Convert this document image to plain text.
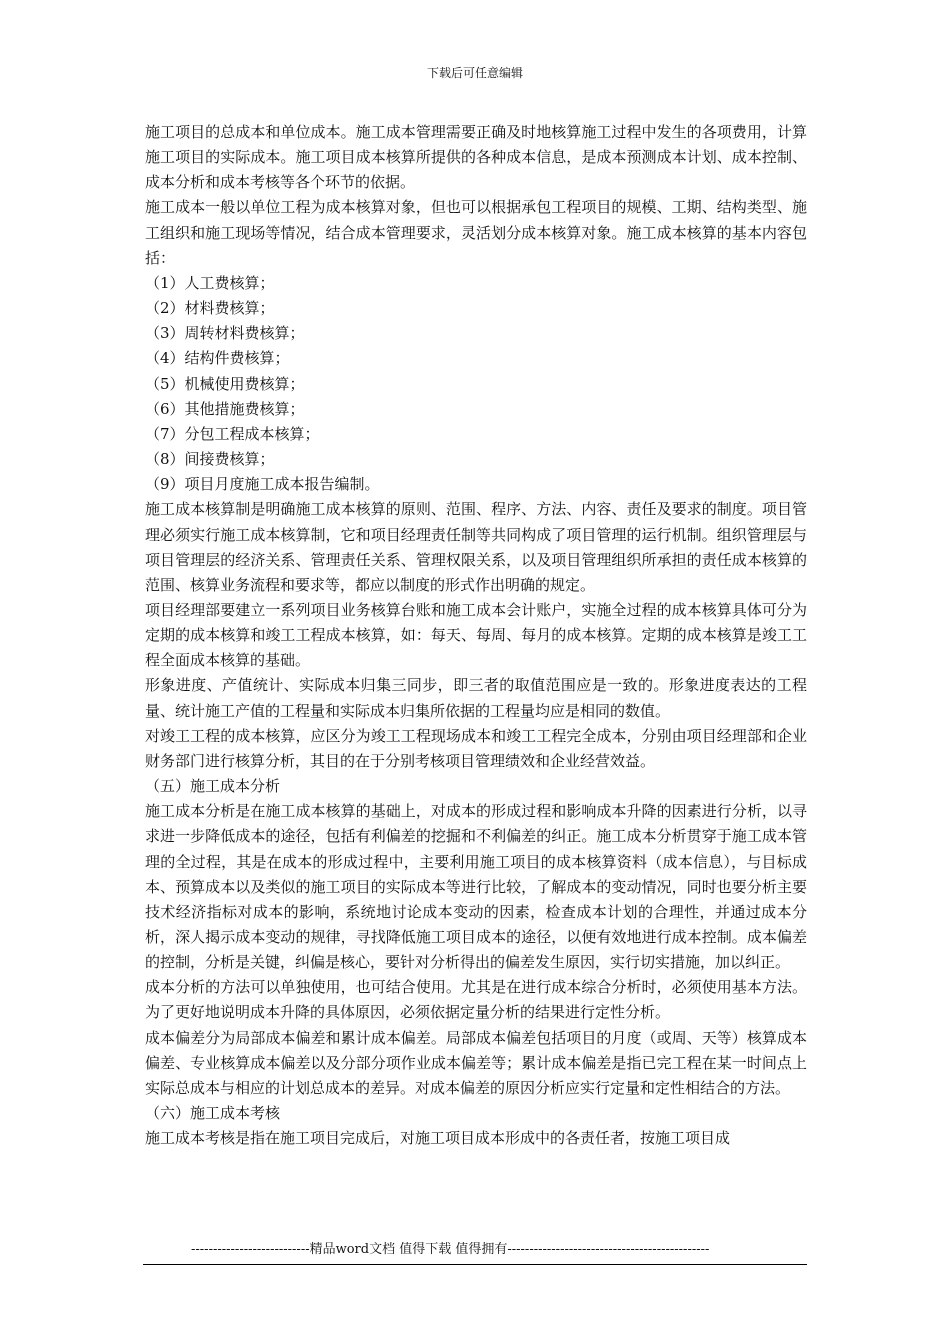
下载后可任意编辑

施工项目的总成本和单位成本。施工成本管理需要正确及时地核算施工过程中发生的各项费用，计算施工项目的实际成本。施工项目成本核算所提供的各种成本信息，是成本预测成本计划、成本控制、成本分析和成本考核等各个环节的依据。

施工成本一般以单位工程为成本核算对象，但也可以根据承包工程项目的规模、工期、结构类型、施工组织和施工现场等情况，结合成本管理要求，灵活划分成本核算对象。施工成本核算的基本内容包括：

（1）人工费核算；

（2）材料费核算；

（3）周转材料费核算；

（4）结构件费核算；

（5）机械使用费核算；

（6）其他措施费核算；

（7）分包工程成本核算；

（8）间接费核算；

（9）项目月度施工成本报告编制。

施工成本核算制是明确施工成本核算的原则、范围、程序、方法、内容、责任及要求的制度。项目管理必须实行施工成本核算制，它和项目经理责任制等共同构成了项目管理的运行机制。组织管理层与项目管理层的经济关系、管理责任关系、管理权限关系，以及项目管理组织所承担的责任成本核算的范围、核算业务流程和要求等，都应以制度的形式作出明确的规定。

项目经理部要建立一系列项目业务核算台账和施工成本会计账户，实施全过程的成本核算具体可分为定期的成本核算和竣工工程成本核算，如：每天、每周、每月的成本核算。定期的成本核算是竣工工程全面成本核算的基础。

形象进度、产值统计、实际成本归集三同步，即三者的取值范围应是一致的。形象进度表达的工程量、统计施工产值的工程量和实际成本归集所依据的工程量均应是相同的数值。

对竣工工程的成本核算，应区分为竣工工程现场成本和竣工工程完全成本，分别由项目经理部和企业财务部门进行核算分析，其目的在于分别考核项目管理绩效和企业经营效益。

（五）施工成本分析

施工成本分析是在施工成本核算的基础上，对成本的形成过程和影响成本升降的因素进行分析，以寻求进一步降低成本的途径，包括有利偏差的挖掘和不利偏差的纠正。施工成本分析贯穿于施工成本管理的全过程，其是在成本的形成过程中，主要利用施工项目的成本核算资料（成本信息），与目标成本、预算成本以及类似的施工项目的实际成本等进行比较，了解成本的变动情况，同时也要分析主要技术经济指标对成本的影响，系统地讨论成本变动的因素，检查成本计划的合理性，并通过成本分析，深人揭示成本变动的规律，寻找降低施工项目成本的途径，以便有效地进行成本控制。成本偏差的控制，分析是关键，纠偏是核心，要针对分析得出的偏差发生原因，实行切实措施，加以纠正。

成本分析的方法可以单独使用，也可结合使用。尤其是在进行成本综合分析时，必须使用基本方法。为了更好地说明成本升降的具体原因，必须依据定量分析的结果进行定性分析。

成本偏差分为局部成本偏差和累计成本偏差。局部成本偏差包括项目的月度（或周、天等）核算成本偏差、专业核算成本偏差以及分部分项作业成本偏差等；累计成本偏差是指已完工程在某一时间点上实际总成本与相应的计划总成本的差异。对成本偏差的原因分析应实行定量和定性相结合的方法。

（六）施工成本考核

施工成本考核是指在施工项目完成后，对施工项目成本形成中的各责任者，按施工项目成

---------------------------精品word文档 值得下载 值得拥有----------------------------------------------
